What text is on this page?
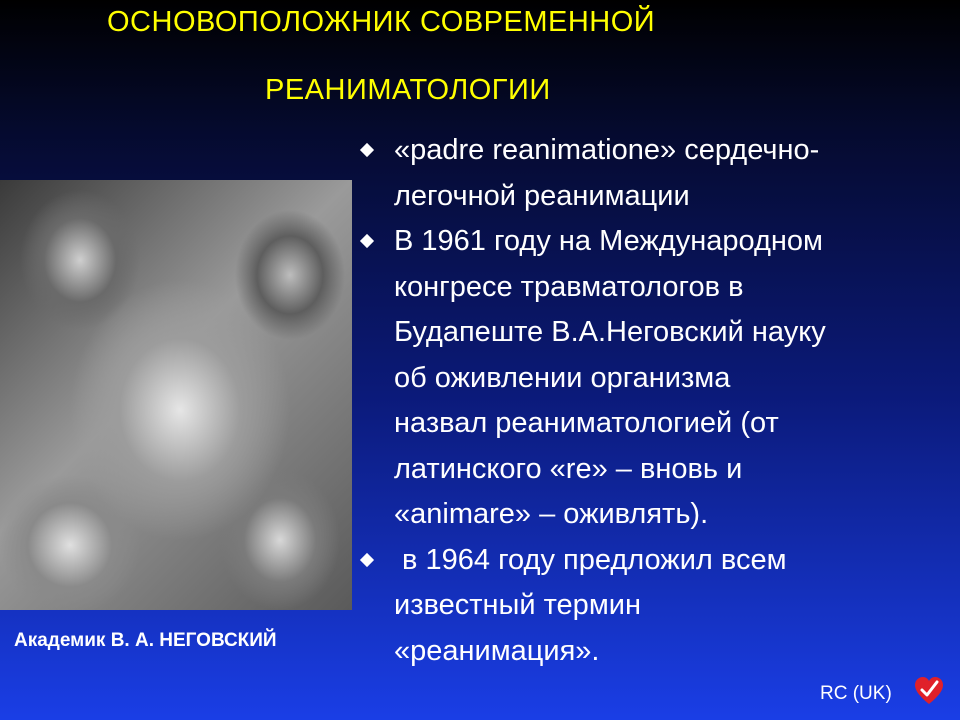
ОСНОВОПОЛОЖНИК СОВРЕМЕННОЙ
РЕАНИМАТОЛОГИИ
«padre reanimatione» сердечно-
легочной реанимации
В 1961 году на Международном
конгресе травматологов в
Будапеште В.А.Неговский науку
об оживлении организма
назвал реаниматологией (от
латинского «re» – вновь и
«animare» – оживлять).
в 1964 году предложил всем
известный термин
«реанимация».
Академик В. А. НЕГОВСКИЙ
RC (UK)
